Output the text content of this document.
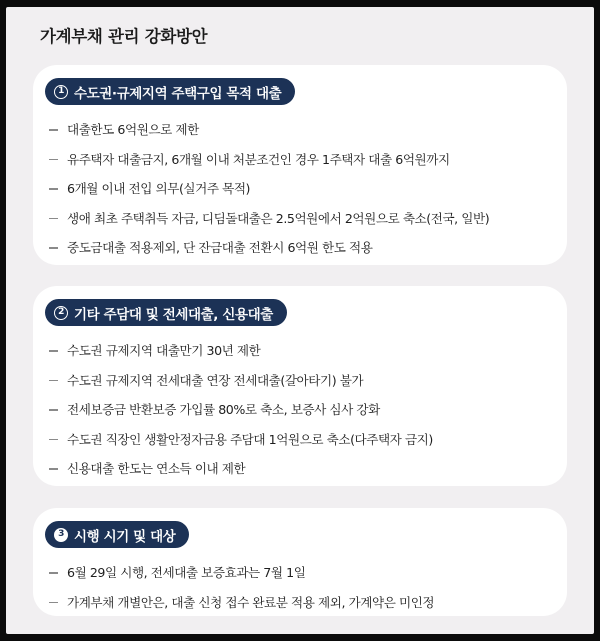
가계부채 관리 강화방안
1 수도권·규제지역 주택구입 목적 대출
대출한도 6억원으로 제한
유주택자 대출금지, 6개월 이내 처분조건인 경우 1주택자 대출 6억원까지
6개월 이내 전입 의무(실거주 목적)
생애 최초 주택취득 자금, 디딤돌대출은 2.5억원에서 2억원으로 축소(전국, 일반)
중도금대출 적용제외, 단 잔금대출 전환시 6억원 한도 적용
2 기타 주담대 및 전세대출, 신용대출
수도권 규제지역 대출만기 30년 제한
수도권 규제지역 전세대출 연장 전세대출(갈아타기) 불가
전세보증금 반환보증 가입률 80%로 축소, 보증사 심사 강화
수도권 직장인 생활안정자금용 주담대 1억원으로 축소(다주택자 금지)
신용대출 한도는 연소득 이내 제한
3 시행 시기 및 대상
6월 29일 시행, 전세대출 보증효과는 7월 1일
가계부채 개별안은, 대출 신청 접수 완료분 적용 제외, 가계약은 미인정
